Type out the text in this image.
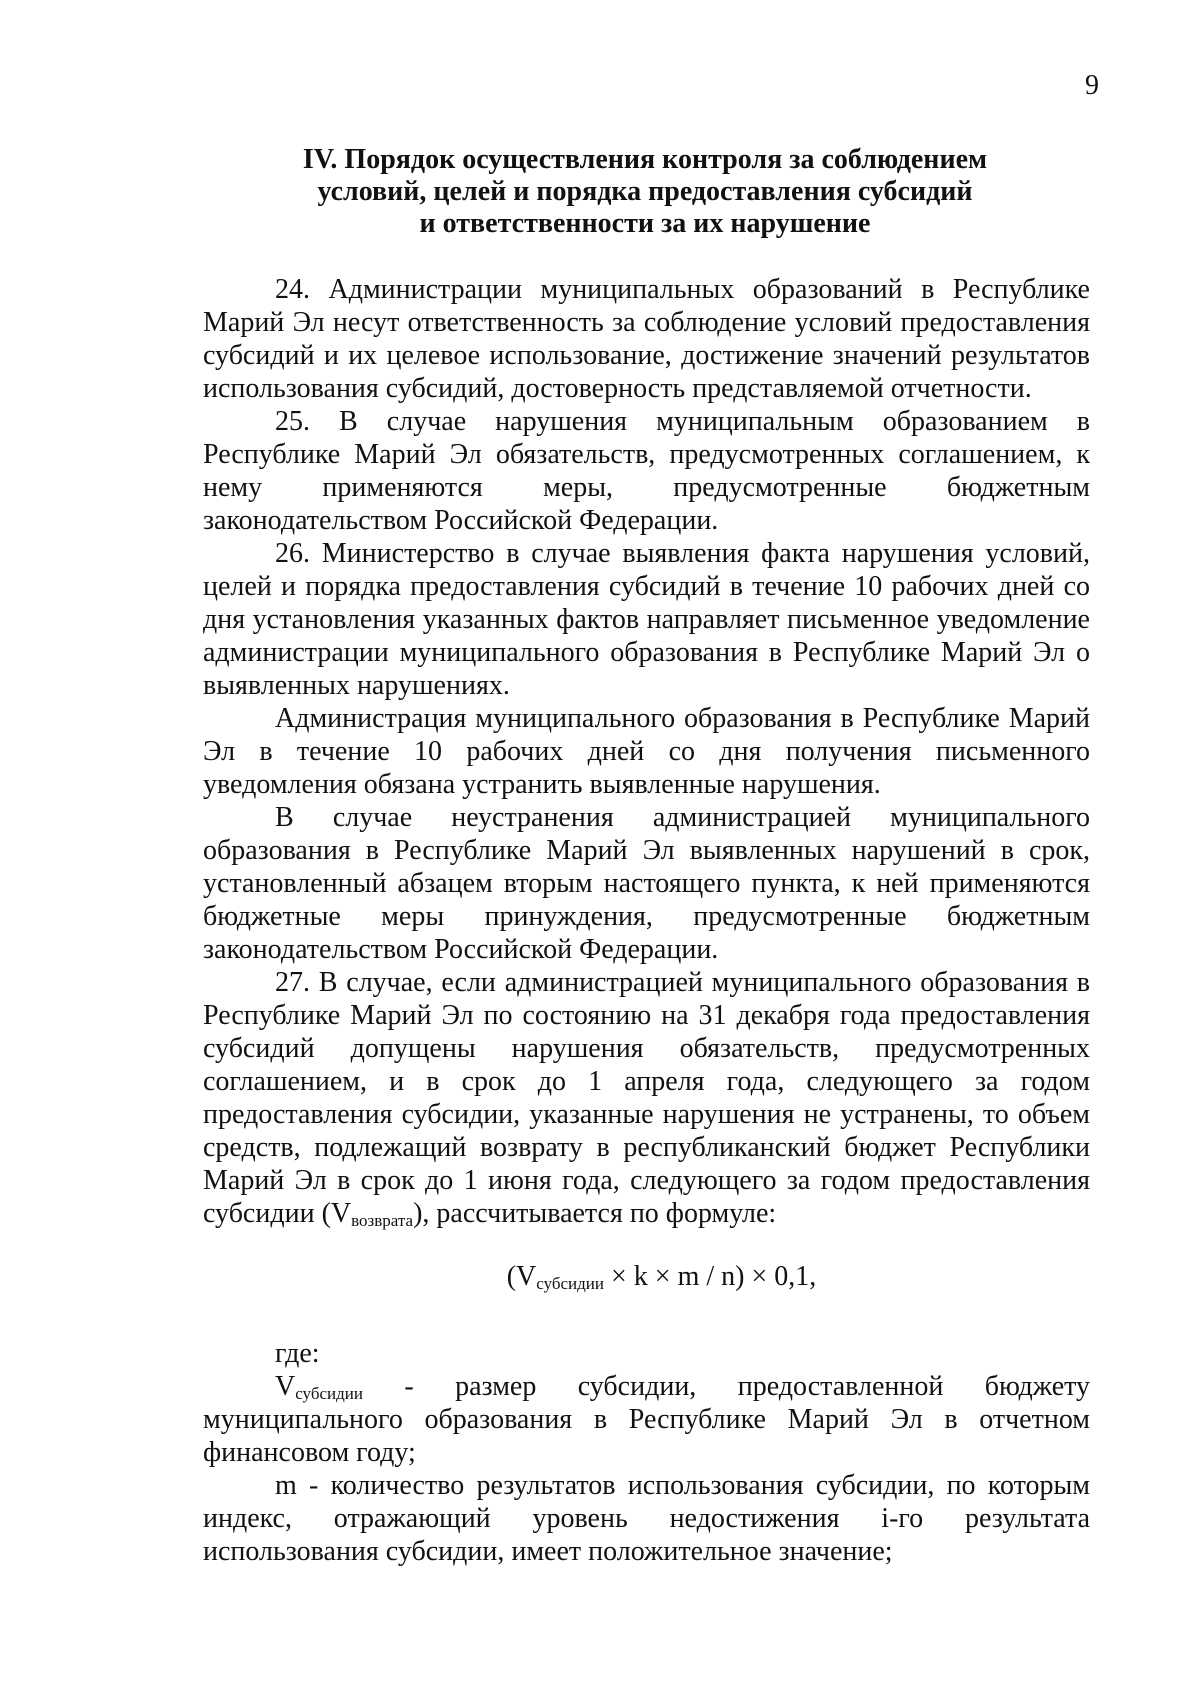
9
IV. Порядок осуществления контроля за соблюдением
условий, целей и порядка предоставления субсидий
и ответственности за их нарушение

24. Администрации муниципальных образований в Республике Марий Эл несут ответственность за соблюдение условий предоставления субсидий и их целевое использование, достижение значений результатов использования субсидий, достоверность представляемой отчетности.

25. В случае нарушения муниципальным образованием в Республике Марий Эл обязательств, предусмотренных соглашением, к нему применяются меры, предусмотренные бюджетным законодательством Российской Федерации.

26. Министерство в случае выявления факта нарушения условий, целей и порядка предоставления субсидий в течение 10 рабочих дней со дня установления указанных фактов направляет письменное уведомление администрации муниципального образования в Республике Марий Эл о выявленных нарушениях.

Администрация муниципального образования в Республике Марий Эл в течение 10 рабочих дней со дня получения письменного уведомления обязана устранить выявленные нарушения.

В случае неустранения администрацией муниципального образования в Республике Марий Эл выявленных нарушений в срок, установленный абзацем вторым настоящего пункта, к ней применяются бюджетные меры принуждения, предусмотренные бюджетным законодательством Российской Федерации.

27. В случае, если администрацией муниципального образования в Республике Марий Эл по состоянию на 31 декабря года предоставления субсидий допущены нарушения обязательств, предусмотренных соглашением, и в срок до 1 апреля года, следующего за годом предоставления субсидии, указанные нарушения не устранены, то объем средств, подлежащий возврату в республиканский бюджет Республики Марий Эл в срок до 1 июня года, следующего за годом предоставления субсидии $(V_{возврата})$, рассчитывается по формуле:

$(V_{субсидии} \times k \times m / n) \times 0,1$,

где:

$V_{субсидии}$ - размер субсидии, предоставленной бюджету муниципального образования в Республике Марий Эл в отчетном финансовом году;

m - количество результатов использования субсидии, по которым индекс, отражающий уровень недостижения i-го результата использования субсидии, имеет положительное значение;
